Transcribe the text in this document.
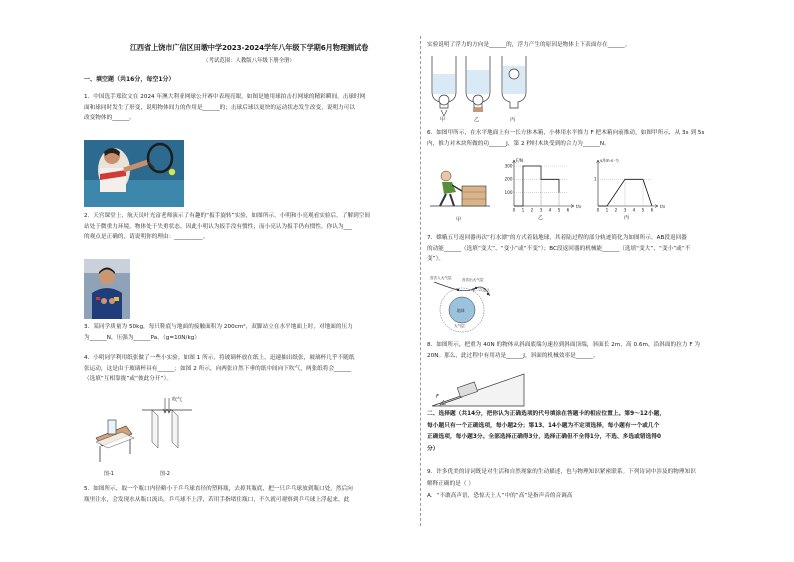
江西省上饶市广信区田墩中学2023-2024学年八年级下学期6月物理测试卷
（考试范围：人教版八年级下册全册）
一、填空题（共16分，每空1分）
1．中国选手郑钦文在 2024 年澳大利亚网球公开赛中表现亮眼，如图是她用球拍击打网球的精彩瞬间，击球时网
面和球同时发生了形变，说明物体间力的作用是______的；击球后球以更快的运动状态发生改变，说明力可以
改变物体的______。
2．天宫课堂上，航天员叶光富老师演示了有趣的“扳手旋转”实验，如图所示，小明和小亮观看实验后，了解到空间
站处于微重力环境，物体处于失重状态，因此小明认为扳手没有惯性；而小亮认为扳手仍有惯性，你认为___
的观点是正确的，请说明你的理由：__________。
3．某同学质量为 50kg，每只鞋底与地面的接触面积为 200cm²，双脚站立在水平地面上时，对地面的压力
为______N，压强为______Pa。（g=10N/kg）
4．小明同学利用纸张做了一些小实验。如图 1 所示，将玻璃杯放在纸上，迅速抽出纸张，玻璃杯几乎不随纸
张运动，这是由于玻璃杯具有______；如图 2 所示，向两张自然下垂的纸中间向下吹气，两张纸将会______
（选填“互相靠拢”或“彼此分开”）。
吹气
图-1	图-2
5．如图所示，取一个瓶口内径略小于乒乓球直径的塑料瓶，去掉其瓶底，把一只乒乓球放到瓶口处，然后向
瓶里注水，会发现水从瓶口流出，乒乓球不上浮，若用手指堵住瓶口，不久就可观察到乒乓球上浮起来，此
实验说明了浮力的方向是______的，浮力产生的原因是物体上下表面存在______。
甲	乙	丙
6．如图甲所示，在水平地面上有一长方体木箱，小林用水平推力 F 把木箱向前推动，如图甲所示，从 3s 到 5s
内，推力对木块所做的功______J，第 2 秒时木块受到的合力为______N。
甲
0 1 2 3 4 5 6
100
200
300
t/s
F/N
乙
0 1 2 3 4 5 6
1
t/s
v/(m·s⁻¹)
丙
7．嫦娥五号返回器再次“打水漂”的方式着陆地球，其着陆过程的部分轨迹简化为如图所示。AB段返回器
的动能______（选填“变大”、“变小”或“不变”）；BC段返回器的机械能______（选填“变大”、“变小”或“不
变”）。
首次入大气层	首次出大气层
第二次进入
大气层
地球
8．如图所示，把重为 40N 的物体从斜面底端匀速拉到斜面顶端，斜面长 2m，高 0.6m，沿斜面的拉力 F 为
20N。那么，此过程中有用功是______J，斜面的机械效率是______。
F
二、选择题（共14分，把你认为正确选项的代号填涂在答题卡的相应位置上。第9～12小题，
每小题只有一个正确选项，每小题2分；第13、14小题为不定项选择，每小题有一个或几个
正确选项，每小题3分。全部选择正确得3分，选择正确但不全得1分，不选、多选或错选得0
分）
9．许多优美的诗词既是对生活和自然现象的生动描述，也与物理知识紧密联系。下列诗词中涉及的物理知识
解释正确的是（ ）
A．“不敢高声语，恐惊天上人”中的“高”是指声音的音调高
